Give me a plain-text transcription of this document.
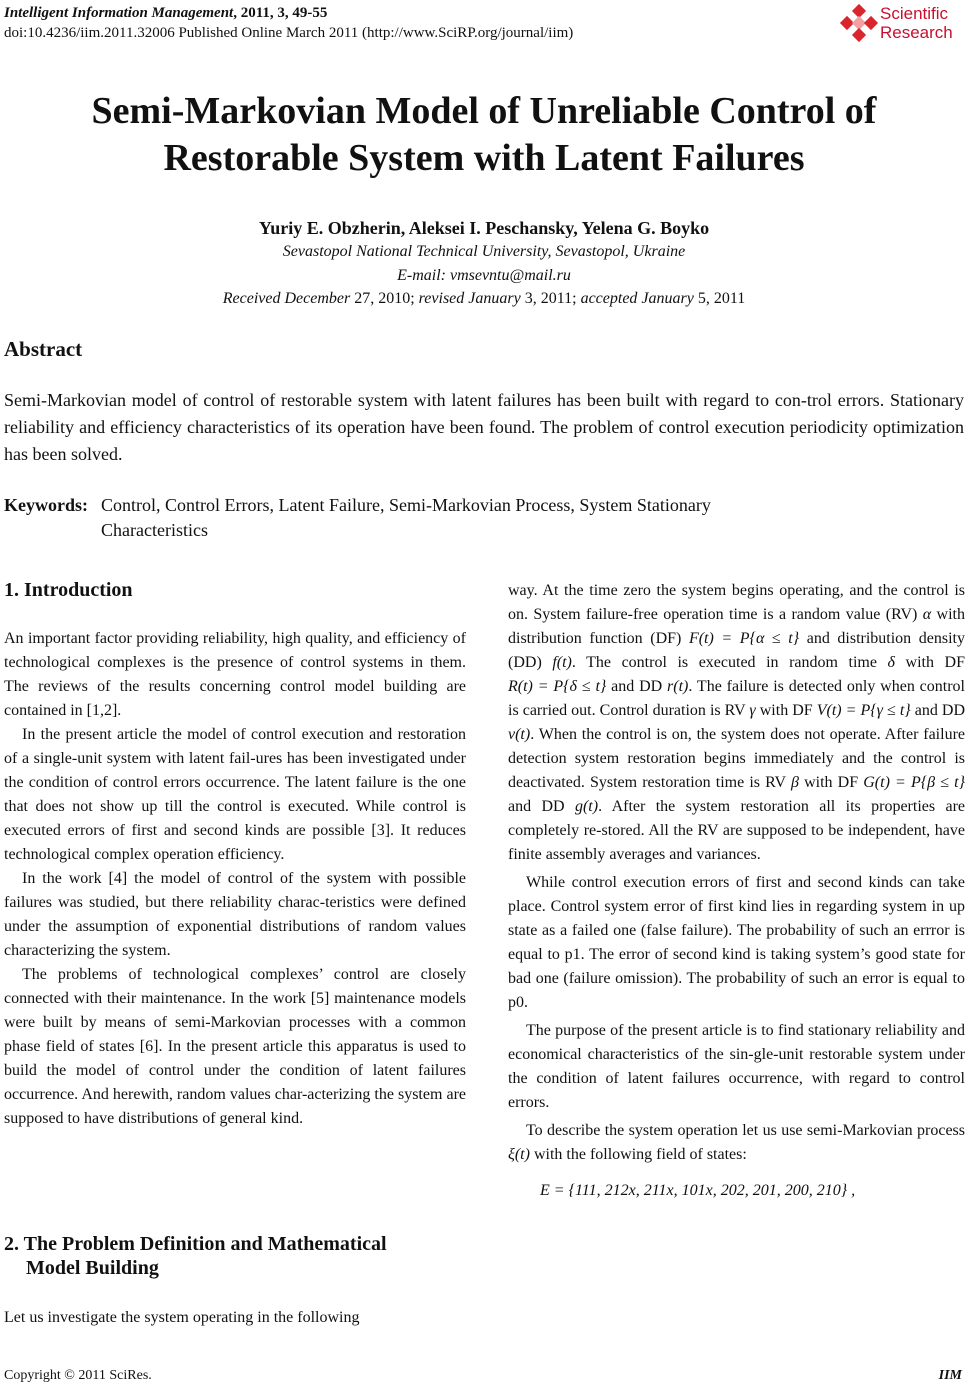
Intelligent Information Management, 2011, 3, 49-55
doi:10.4236/iim.2011.32006 Published Online March 2011 (http://www.SciRP.org/journal/iim)
Scientific
Research
Semi-Markovian Model of Unreliable Control of
Restorable System with Latent Failures
Yuriy E. Obzherin, Aleksei I. Peschansky, Yelena G. Boyko
Sevastopol National Technical University, Sevastopol, Ukraine
E-mail: vmsevntu@mail.ru
Received December 27, 2010; revised January 3, 2011; accepted January 5, 2011
Abstract

Semi-Markovian model of control of restorable system with latent failures has been built with regard to con-trol errors. Stationary reliability and efficiency characteristics of its operation have been found. The problem of control execution periodicity optimization has been solved.

Keywords: Control, Control Errors, Latent Failure, Semi-Markovian Process, System Stationary
Characteristics
1. Introduction

An important factor providing reliability, high quality, and efficiency of technological complexes is the presence of control systems in them. The reviews of the results concerning control model building are contained in [1,2].

In the present article the model of control execution and restoration of a single-unit system with latent fail-ures has been investigated under the condition of control errors occurrence. The latent failure is the one that does not show up till the control is executed. While control is executed errors of first and second kinds are possible [3]. It reduces technological complex operation efficiency.

In the work [4] the model of control of the system with possible failures was studied, but there reliability charac-teristics were defined under the assumption of exponential distributions of random values characterizing the system.

The problems of technological complexes’ control are closely connected with their maintenance. In the work [5] maintenance models were built by means of semi-Markovian processes with a common phase field of states [6]. In the present article this apparatus is used to build the model of control under the condition of latent failures occurrence. And herewith, random values char-acterizing the system are supposed to have distributions of general kind.

2. The Problem Definition and Mathematical
Model Building

Let us investigate the system operating in the following

way. At the time zero the system begins operating, and the control is on. System failure-free operation time is a random value (RV) α with distribution function (DF) F(t) = P{α ≤ t} and distribution density (DD) f(t). The control is executed in random time δ with DF R(t) = P{δ ≤ t} and DD r(t). The failure is detected only when control is carried out. Control duration is RV γ with DF V(t) = P{γ ≤ t} and DD v(t). When the control is on, the system does not operate. After failure detection system restoration begins immediately and the control is deactivated. System restoration time is RV β with DF G(t) = P{β ≤ t} and DD g(t). After the system restoration all its properties are completely re-stored. All the RV are supposed to be independent, have finite assembly averages and variances.

While control execution errors of first and second kinds can take place. Control system error of first kind lies in regarding system in up state as a failed one (false failure). The probability of such an errror is equal to p1. The error of second kind is taking system’s good state for bad one (failure omission). The probability of such an error is equal to p0.

The purpose of the present article is to find stationary reliability and economical characteristics of the sin-gle-unit restorable system under the condition of latent failures occurrence, with regard to control errors.

To describe the system operation let us use semi-Markovian process ξ(t) with the following field of states:

E = {111, 212x, 211x, 101x, 202, 201, 200, 210} ,
Copyright © 2011 SciRes.	IIM
